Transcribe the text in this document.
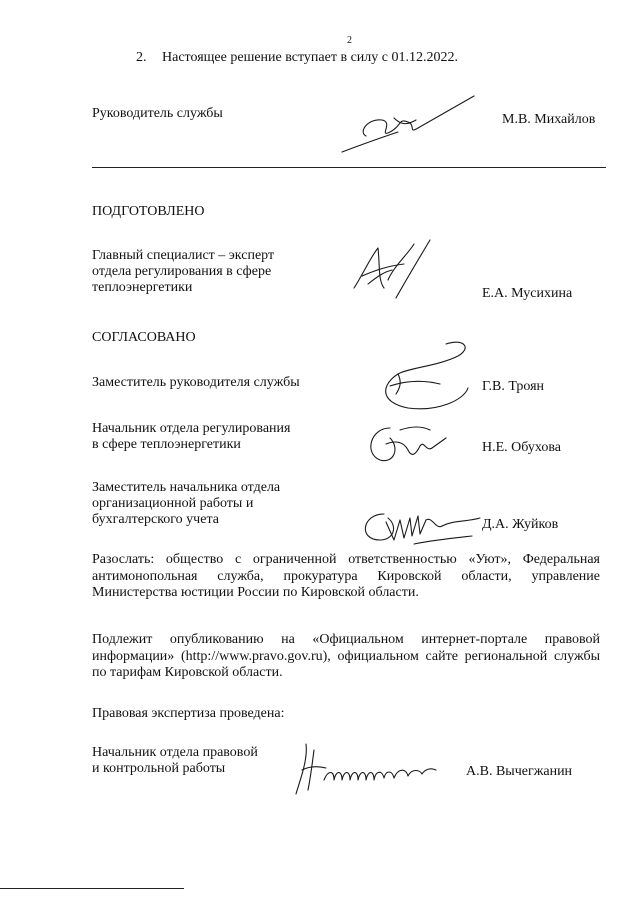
2
2. Настоящее решение вступает в силу с 01.12.2022.
Руководитель службы	М.В. Михайлов
ПОДГОТОВЛЕНО
Главный специалист – эксперт
отдела регулирования в сфере
теплоэнергетики	Е.А. Мусихина
СОГЛАСОВАНО
Заместитель руководителя службы	Г.В. Троян
Начальник отдела регулирования
в сфере теплоэнергетики	Н.Е. Обухова
Заместитель начальника отдела
организационной работы и
бухгалтерского учета	Д.А. Жуйков
Разослать: общество с ограниченной ответственностью «Уют», Федеральная антимонопольная служба, прокуратура Кировской области, управление Министерства юстиции России по Кировской области.
Подлежит опубликованию на «Официальном интернет-портале правовой информации» (http://www.pravo.gov.ru), официальном сайте региональной службы по тарифам Кировской области.
Правовая экспертиза проведена:
Начальник отдела правовой
и контрольной работы	А.В. Вычегжанин
